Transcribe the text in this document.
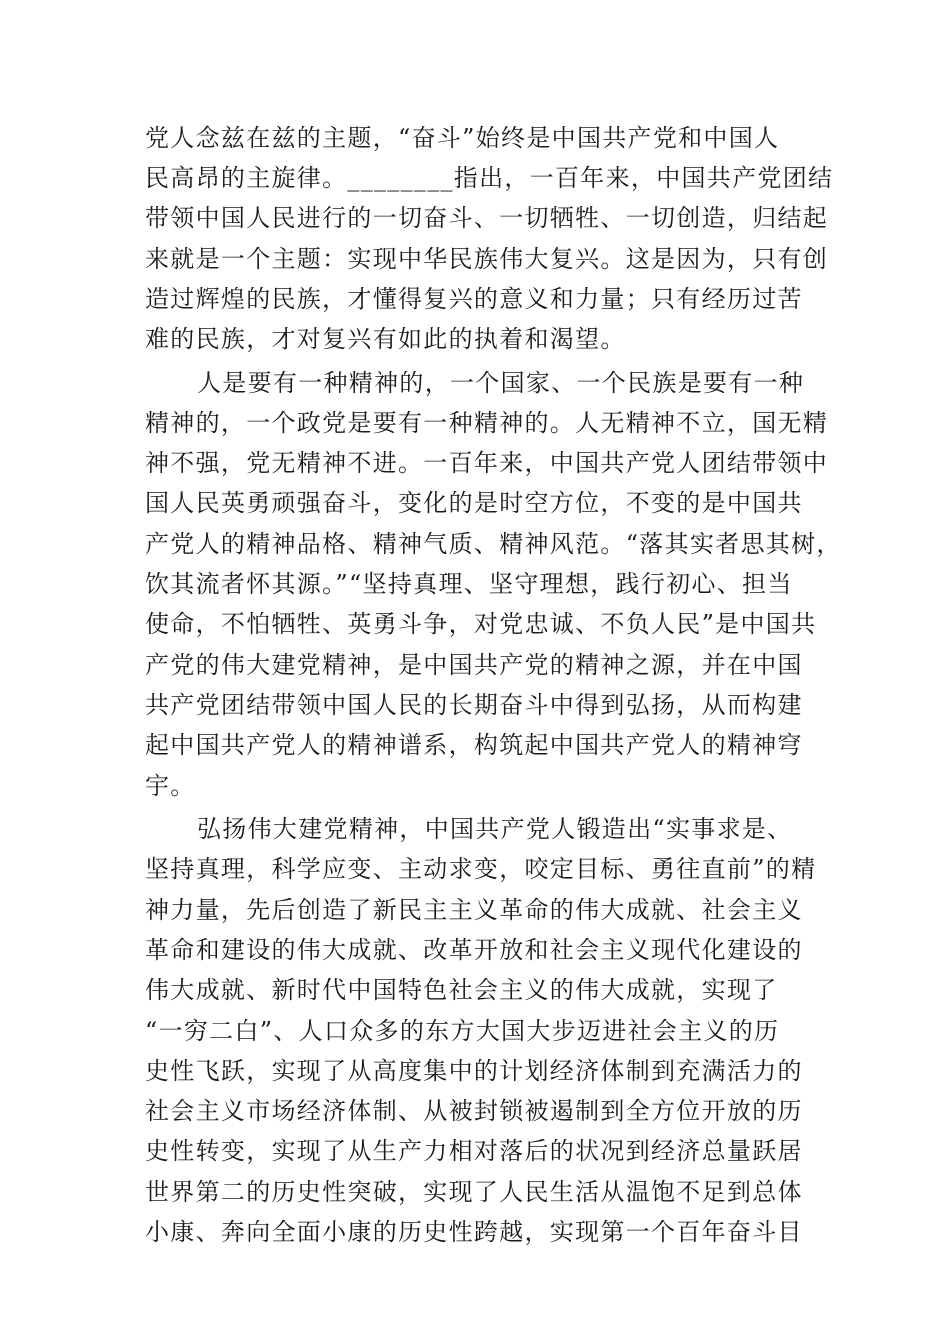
党人念兹在兹的主题，“奋斗”始终是中国共产党和中国人
民高昂的主旋律。________指出，一百年来，中国共产党团结
带领中国人民进行的一切奋斗、一切牺牲、一切创造，归结起
来就是一个主题：实现中华民族伟大复兴。这是因为，只有创
造过辉煌的民族，才懂得复兴的意义和力量；只有经历过苦
难的民族，才对复兴有如此的执着和渴望。
人是要有一种精神的，一个国家、一个民族是要有一种
精神的，一个政党是要有一种精神的。人无精神不立，国无精
神不强，党无精神不进。一百年来，中国共产党人团结带领中
国人民英勇顽强奋斗，变化的是时空方位，不变的是中国共
产党人的精神品格、精神气质、精神风范。“落其实者思其树，
饮其流者怀其源。”“坚持真理、坚守理想，践行初心、担当
使命，不怕牺牲、英勇斗争，对党忠诚、不负人民”是中国共
产党的伟大建党精神，是中国共产党的精神之源，并在中国
共产党团结带领中国人民的长期奋斗中得到弘扬，从而构建
起中国共产党人的精神谱系，构筑起中国共产党人的精神穹
宇。
弘扬伟大建党精神，中国共产党人锻造出“实事求是、
坚持真理，科学应变、主动求变，咬定目标、勇往直前”的精
神力量，先后创造了新民主主义革命的伟大成就、社会主义
革命和建设的伟大成就、改革开放和社会主义现代化建设的
伟大成就、新时代中国特色社会主义的伟大成就，实现了
“一穷二白”、人口众多的东方大国大步迈进社会主义的历
史性飞跃，实现了从高度集中的计划经济体制到充满活力的
社会主义市场经济体制、从被封锁被遏制到全方位开放的历
史性转变，实现了从生产力相对落后的状况到经济总量跃居
世界第二的历史性突破，实现了人民生活从温饱不足到总体
小康、奔向全面小康的历史性跨越，实现第一个百年奋斗目
